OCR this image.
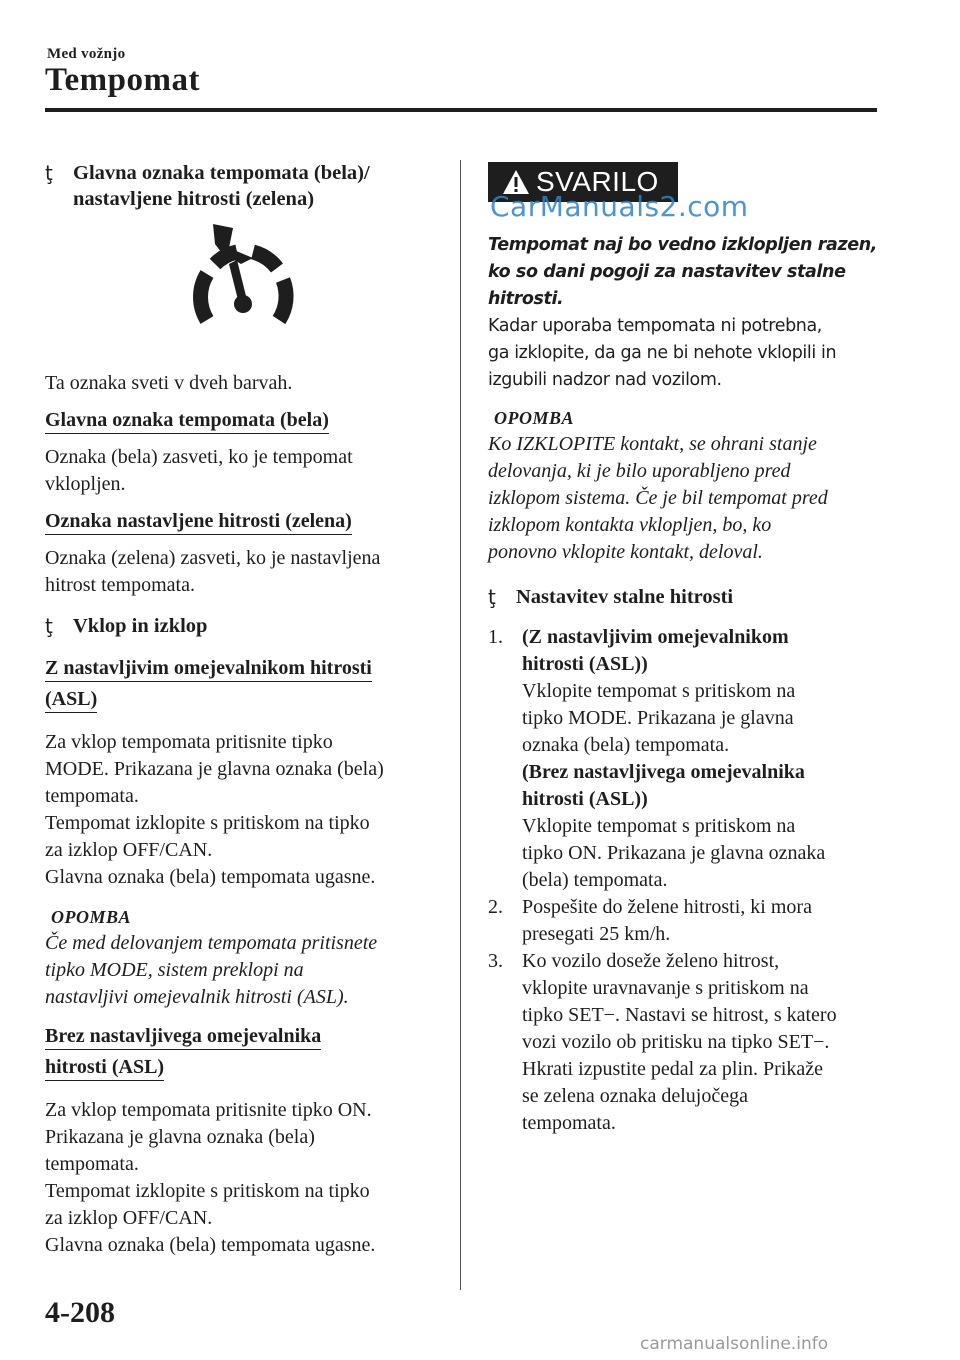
Med vožnjo
Tempomat
ţ Glavna oznaka tempomata (bela)/
nastavljene hitrosti (zelena)
Ta oznaka sveti v dveh barvah.
Glavna oznaka tempomata (bela)
Oznaka (bela) zasveti, ko je tempomat
vklopljen.
Oznaka nastavljene hitrosti (zelena)
Oznaka (zelena) zasveti, ko je nastavljena
hitrost tempomata.
ţ Vklop in izklop
Z nastavljivim omejevalnikom hitrosti
(ASL)
Za vklop tempomata pritisnite tipko
MODE. Prikazana je glavna oznaka (bela)
tempomata.
Tempomat izklopite s pritiskom na tipko
za izklop OFF/CAN.
Glavna oznaka (bela) tempomata ugasne.
OPOMBA
Če med delovanjem tempomata pritisnete
tipko MODE, sistem preklopi na
nastavljivi omejevalnik hitrosti (ASL).
Brez nastavljivega omejevalnika
hitrosti (ASL)
Za vklop tempomata pritisnite tipko ON.
Prikazana je glavna oznaka (bela)
tempomata.
Tempomat izklopite s pritiskom na tipko
za izklop OFF/CAN.
Glavna oznaka (bela) tempomata ugasne.
SVARILO
Tempomat naj bo vedno izklopljen razen,
ko so dani pogoji za nastavitev stalne
hitrosti.
Kadar uporaba tempomata ni potrebna,
ga izklopite, da ga ne bi nehote vklopili in
izgubili nadzor nad vozilom.
OPOMBA
Ko IZKLOPITE kontakt, se ohrani stanje
delovanja, ki je bilo uporabljeno pred
izklopom sistema. Če je bil tempomat pred
izklopom kontakta vklopljen, bo, ko
ponovno vklopite kontakt, deloval.
ţ Nastavitev stalne hitrosti
1. (Z nastavljivim omejevalnikom
hitrosti (ASL))
Vklopite tempomat s pritiskom na
tipko MODE. Prikazana je glavna
oznaka (bela) tempomata.
(Brez nastavljivega omejevalnika
hitrosti (ASL))
Vklopite tempomat s pritiskom na
tipko ON. Prikazana je glavna oznaka
(bela) tempomata.
2. Pospešite do želene hitrosti, ki mora
presegati 25 km/h.
3. Ko vozilo doseže želeno hitrost,
vklopite uravnavanje s pritiskom na
tipko SET−. Nastavi se hitrost, s katero
vozi vozilo ob pritisku na tipko SET−.
Hkrati izpustite pedal za plin. Prikaže
se zelena oznaka delujočega
tempomata.
CarManuals2.com
4-208
carmanualsonline.info
